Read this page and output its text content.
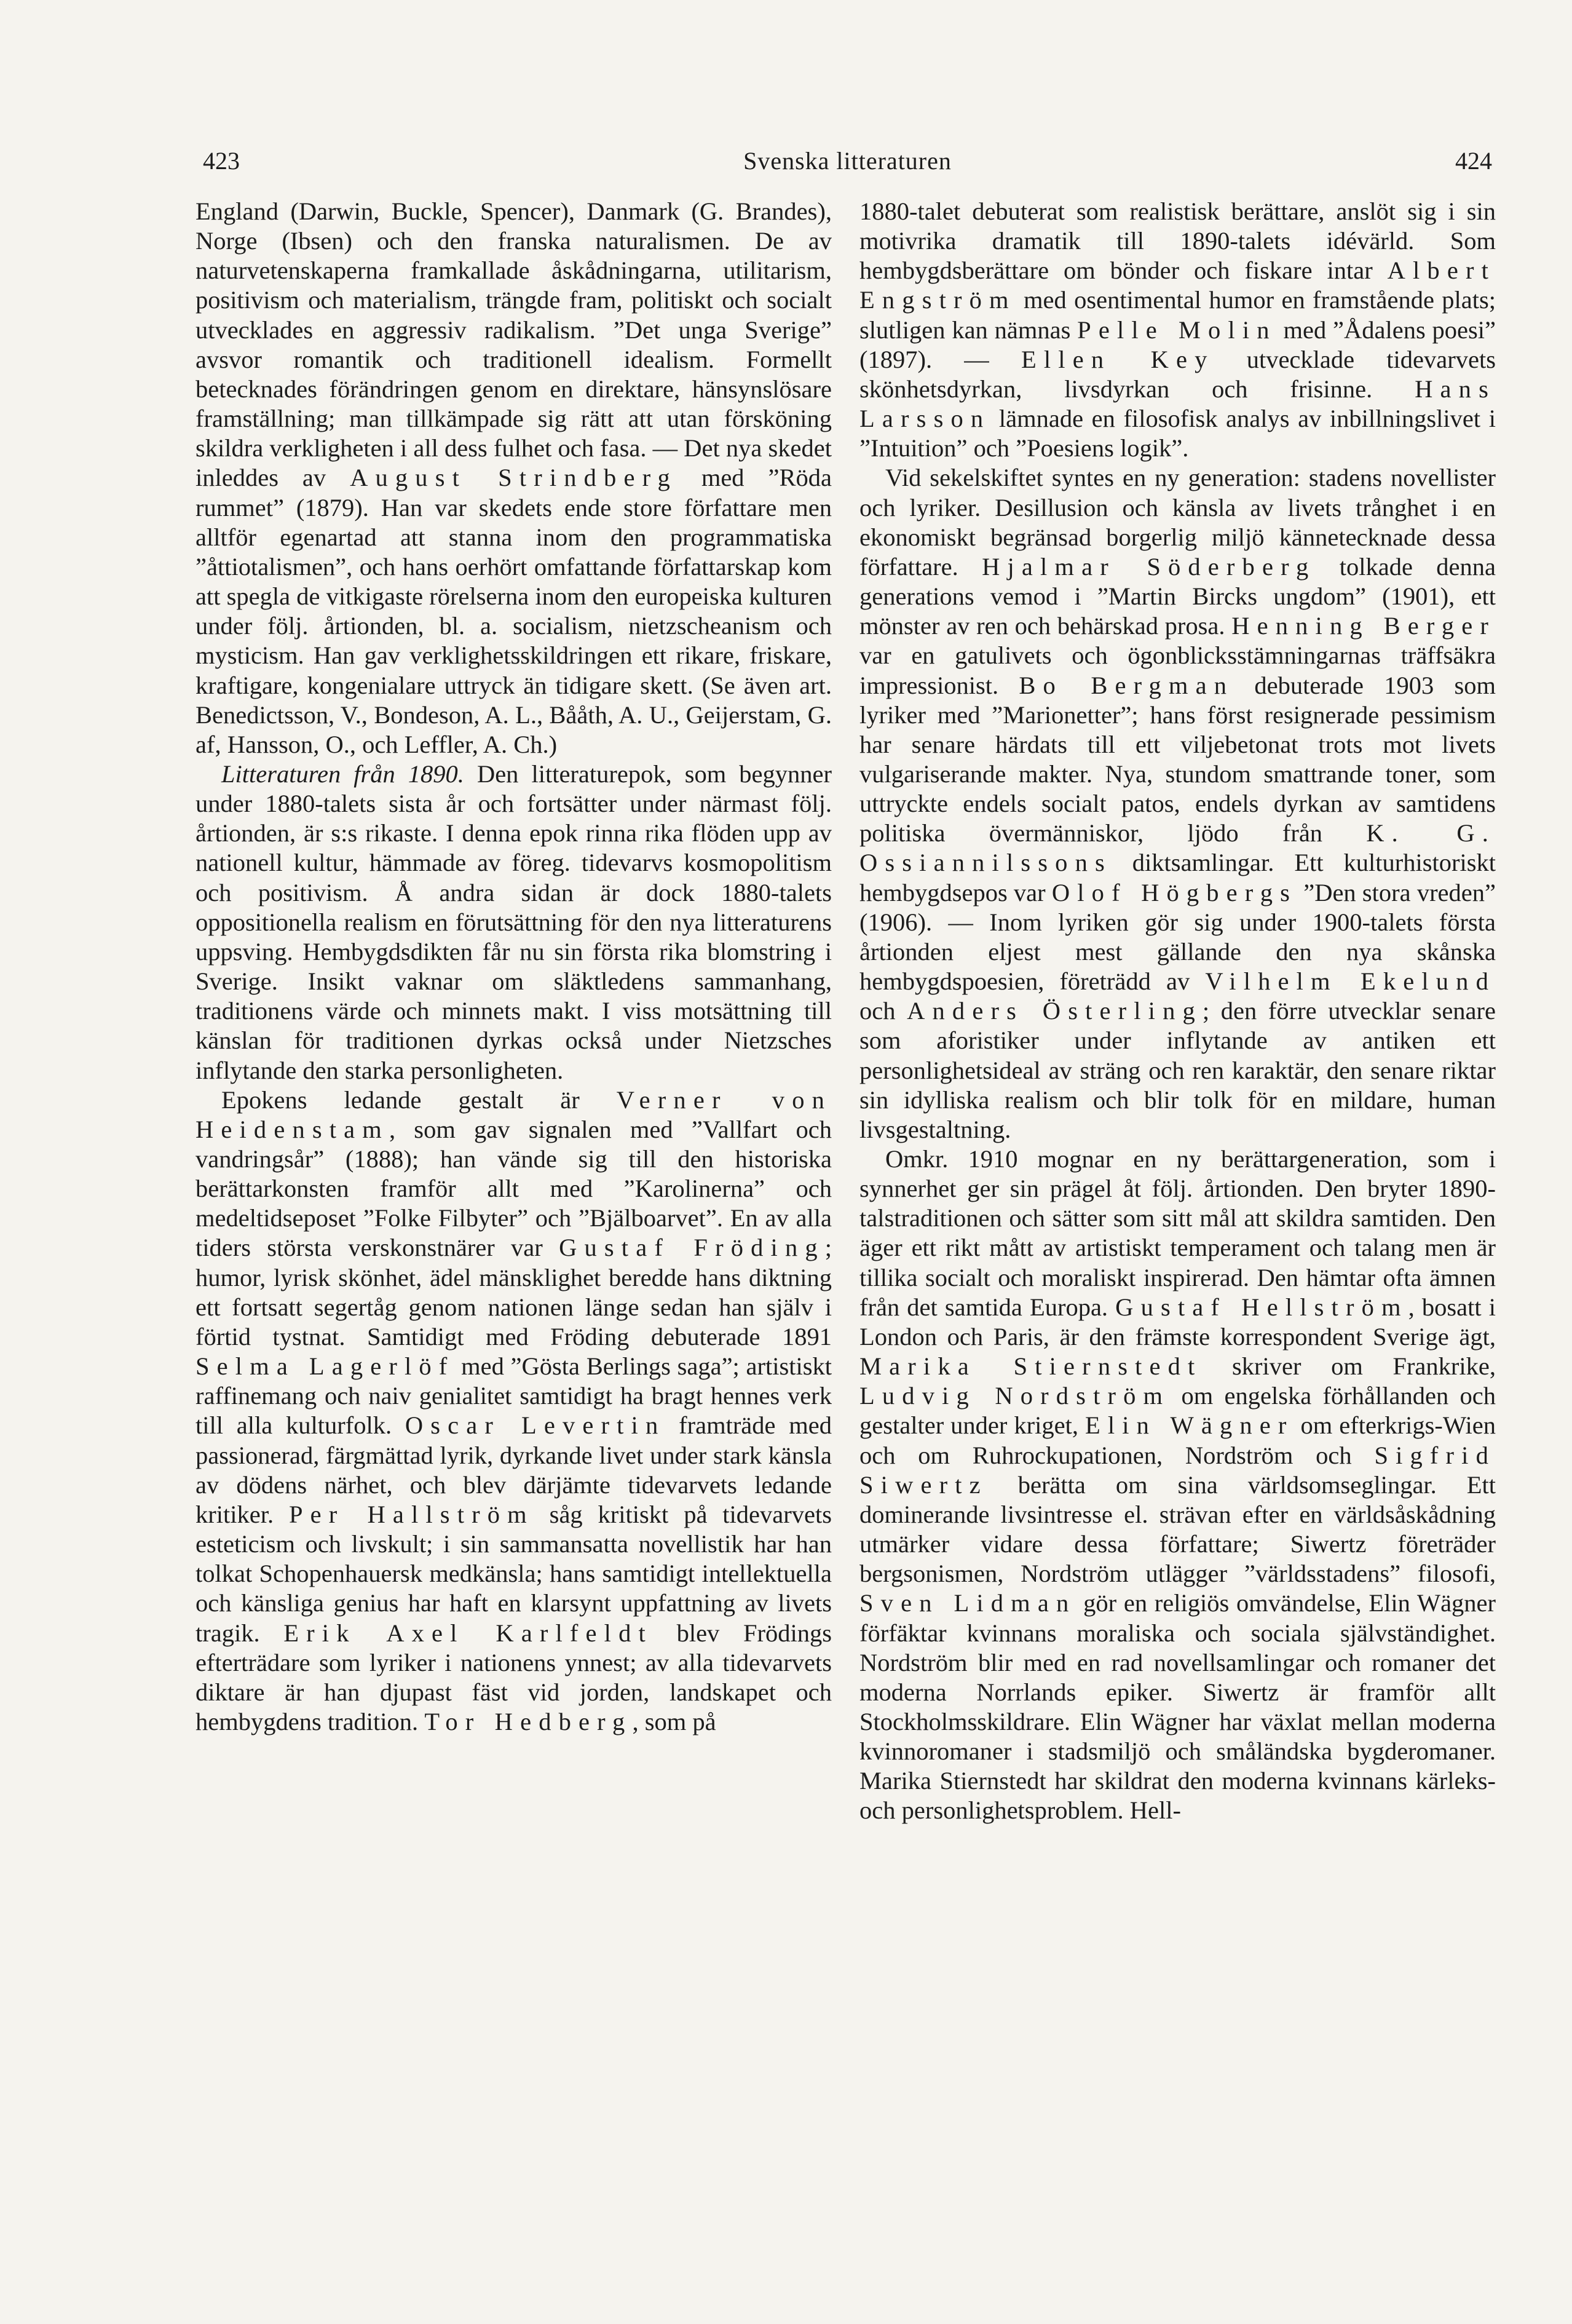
423	Svenska litteraturen	424

England (Darwin, Buckle, Spencer), Danmark (G. Brandes), Norge (Ibsen) och den franska naturalismen. De av naturvetenskaperna framkallade åskådningarna, utilitarism, positivism och materialism, trängde fram, politiskt och socialt utvecklades en aggressiv radikalism. ”Det unga Sverige” avsvor romantik och traditionell idealism. Formellt betecknades förändringen genom en direktare, hänsynslösare framställning; man tillkämpade sig rätt att utan försköning skildra verkligheten i all dess fulhet och fasa. — Det nya skedet inleddes av August Strindberg med ”Röda rummet” (1879). Han var skedets ende store författare men alltför egenartad att stanna inom den programmatiska ”åttiotalismen”, och hans oerhört omfattande författarskap kom att spegla de vitkigaste rörelserna inom den europeiska kulturen under följ. årtionden, bl. a. socialism, nietzscheanism och mysticism. Han gav verklighetsskildringen ett rikare, friskare, kraftigare, kongenialare uttryck än tidigare skett. (Se även art. Benedictsson, V., Bondeson, A. L., Bååth, A. U., Geijerstam, G. af, Hansson, O., och Leffler, A. Ch.)

Litteraturen från 1890. Den litteraturepok, som begynner under 1880-talets sista år och fortsätter under närmast följ. årtionden, är s:s rikaste. I denna epok rinna rika flöden upp av nationell kultur, hämmade av föreg. tidevarvs kosmopolitism och positivism. Å andra sidan är dock 1880-talets oppositionella realism en förutsättning för den nya litteraturens uppsving. Hembygdsdikten får nu sin första rika blomstring i Sverige. Insikt vaknar om släktledens sammanhang, traditionens värde och minnets makt. I viss motsättning till känslan för traditionen dyrkas också under Nietzsches inflytande den starka personligheten.

Epokens ledande gestalt är Verner von Heidenstam, som gav signalen med ”Vallfart och vandringsår” (1888); han vände sig till den historiska berättarkonsten framför allt med ”Karolinerna” och medeltidseposet ”Folke Filbyter” och ”Bjälboarvet”. En av alla tiders största verskonstnärer var Gustaf Fröding; humor, lyrisk skönhet, ädel mänsklighet beredde hans diktning ett fortsatt segertåg genom nationen länge sedan han själv i förtid tystnat. Samtidigt med Fröding debuterade 1891 Selma Lagerlöf med ”Gösta Berlings saga”; artistiskt raffinemang och naiv genialitet samtidigt ha bragt hennes verk till alla kulturfolk. Oscar Levertin framträde med passionerad, färgmättad lyrik, dyrkande livet under stark känsla av dödens närhet, och blev därjämte tidevarvets ledande kritiker. Per Hallström såg kritiskt på tidevarvets esteticism och livskult; i sin sammansatta novellistik har han tolkat Schopenhauersk medkänsla; hans samtidigt intellektuella och känsliga genius har haft en klarsynt uppfattning av livets tragik. Erik Axel Karlfeldt blev Frödings efterträdare som lyriker i nationens ynnest; av alla tidevarvets diktare är han djupast fäst vid jorden, landskapet och hembygdens tradition. Tor Hedberg, som på

1880-talet debuterat som realistisk berättare, anslöt sig i sin motivrika dramatik till 1890-talets idévärld. Som hembygdsberättare om bönder och fiskare intar Albert Engström med osentimental humor en framstående plats; slutligen kan nämnas Pelle Molin med ”Ådalens poesi” (1897). — Ellen Key utvecklade tidevarvets skönhetsdyrkan, livsdyrkan och frisinne. Hans Larsson lämnade en filosofisk analys av inbillningslivet i ”Intuition” och ”Poesiens logik”.

Vid sekelskiftet syntes en ny generation: stadens novellister och lyriker. Desillusion och känsla av livets trånghet i en ekonomiskt begränsad borgerlig miljö kännetecknade dessa författare. Hjalmar Söderberg tolkade denna generations vemod i ”Martin Bircks ungdom” (1901), ett mönster av ren och behärskad prosa. Henning Berger var en gatulivets och ögonblicksstämningarnas träffsäkra impressionist. Bo Bergman debuterade 1903 som lyriker med ”Marionetter”; hans först resignerade pessimism har senare härdats till ett viljebetonat trots mot livets vulgariserande makter. Nya, stundom smattrande toner, som uttryckte endels socialt patos, endels dyrkan av samtidens politiska övermänniskor, ljödo från K. G. Ossiannilssons diktsamlingar. Ett kulturhistoriskt hembygdsepos var Olof Högbergs ”Den stora vreden” (1906). — Inom lyriken gör sig under 1900-talets första årtionden eljest mest gällande den nya skånska hembygdspoesien, företrädd av Vilhelm Ekelund och Anders Österling; den förre utvecklar senare som aforistiker under inflytande av antiken ett personlighetsideal av sträng och ren karaktär, den senare riktar sin idylliska realism och blir tolk för en mildare, human livsgestaltning.

Omkr. 1910 mognar en ny berättargeneration, som i synnerhet ger sin prägel åt följ. årtionden. Den bryter 1890-talstraditionen och sätter som sitt mål att skildra samtiden. Den äger ett rikt mått av artistiskt temperament och talang men är tillika socialt och moraliskt inspirerad. Den hämtar ofta ämnen från det samtida Europa. Gustaf Hellström, bosatt i London och Paris, är den främste korrespondent Sverige ägt, Marika Stiernstedt skriver om Frankrike, Ludvig Nordström om engelska förhållanden och gestalter under kriget, Elin Wägner om efterkrigs-Wien och om Ruhrockupationen, Nordström och Sigfrid Siwertz berätta om sina världsomseglingar. Ett dominerande livsintresse el. strävan efter en världsåskådning utmärker vidare dessa författare; Siwertz företräder bergsonismen, Nordström utlägger ”världsstadens” filosofi, Sven Lidman gör en religiös omvändelse, Elin Wägner förfäktar kvinnans moraliska och sociala självständighet. Nordström blir med en rad novellsamlingar och romaner det moderna Norrlands epiker. Siwertz är framför allt Stockholmsskildrare. Elin Wägner har växlat mellan moderna kvinnoromaner i stadsmiljö och småländska bygderomaner. Marika Stiernstedt har skildrat den moderna kvinnans kärleks- och personlighetsproblem. Hell-
